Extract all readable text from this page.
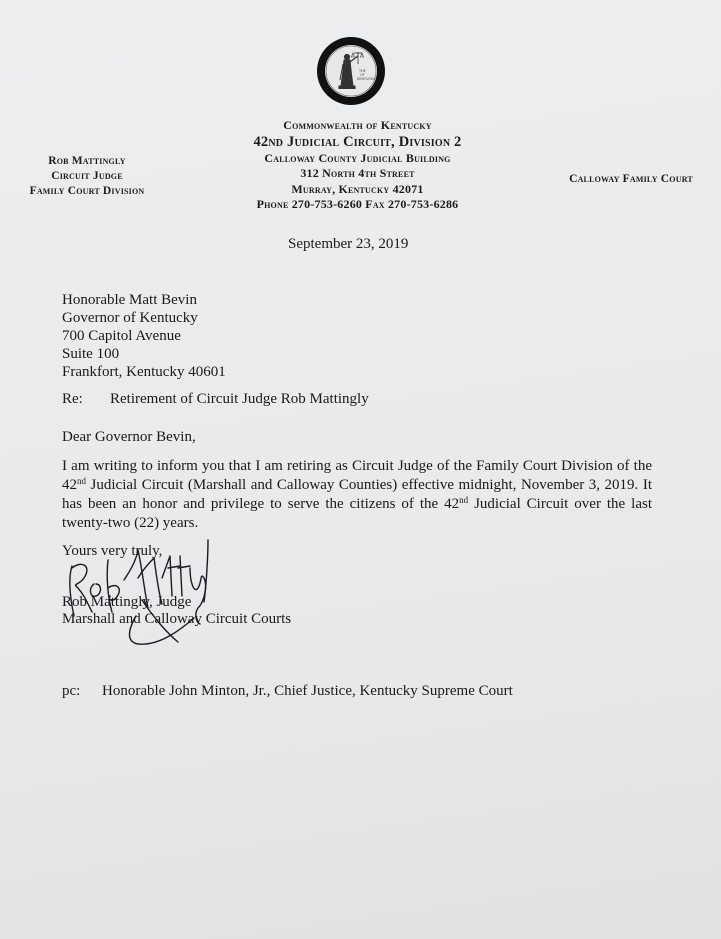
THE
OF
KENTUCKY
Rob Mattingly
Circuit Judge
Family Court Division
Commonwealth of Kentucky
42nd Judicial Circuit, Division 2
Calloway County Judicial Building
312 North 4th Street
Murray, Kentucky 42071
Phone 270-753-6260 Fax 270-753-6286
Calloway Family Court
September 23, 2019
Honorable Matt Bevin
Governor of Kentucky
700 Capitol Avenue
Suite 100
Frankfort, Kentucky 40601
Re: Retirement of Circuit Judge Rob Mattingly
Dear Governor Bevin,
I am writing to inform you that I am retiring as Circuit Judge of the Family Court Division of the 42nd Judicial Circuit (Marshall and Calloway Counties) effective midnight, November 3, 2019. It has been an honor and privilege to serve the citizens of the 42nd Judicial Circuit over the last twenty-two (22) years.
Yours very truly,
Rob Mattingly, Judge
Marshall and Calloway Circuit Courts
pc: Honorable John Minton, Jr., Chief Justice, Kentucky Supreme Court
